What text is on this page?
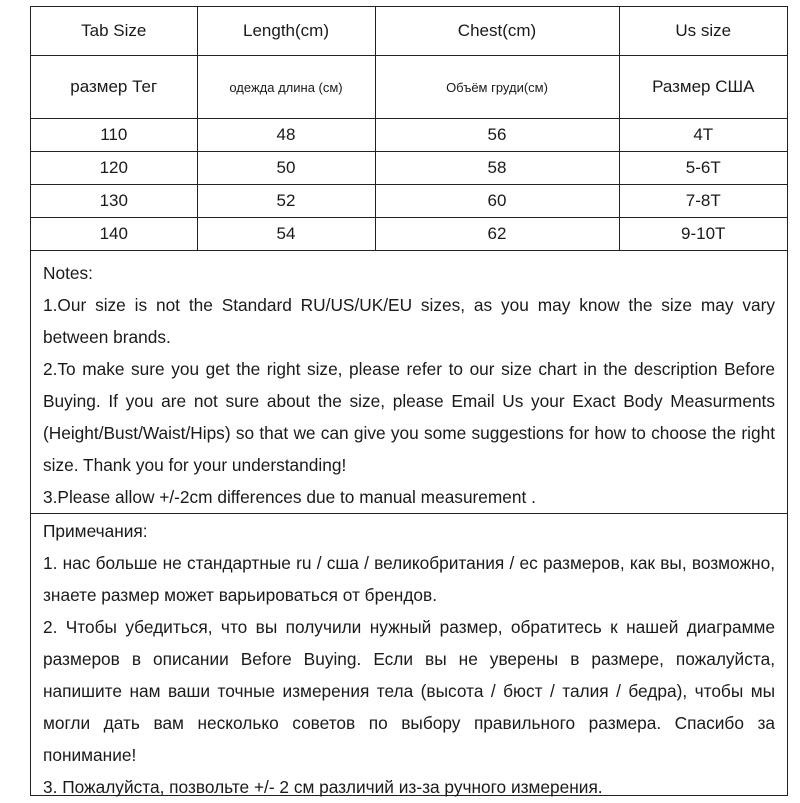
Tab Size	Length(cm)	Chest(cm)	Us size
размер Тег	одежда длина (см)	Объём груди(см)	Размер США
110	48	56	4T
120	50	58	5-6T
130	52	60	7-8T
140	54	62	9-10T

Notes:

1.Our size is not the Standard RU/US/UK/EU sizes, as you may know the size may vary between brands.

2.To make sure you get the right size, please refer to our size chart in the description Before Buying. If you are not sure about the size, please Email Us your Exact Body Measurments (Height/Bust/Waist/Hips) so that we can give you some suggestions for how to choose the right size. Thank you for your understanding!

3.Please allow +/-2cm differences due to manual measurement .

Примечания:

1. нас больше не стандартные ru / сша / великобритания / ес размеров, как вы, возможно, знаете размер может варьироваться от брендов.

2. Чтобы убедиться, что вы получили нужный размер, обратитесь к нашей диаграмме размеров в описании Before Buying. Если вы не уверены в размере, пожалуйста, напишите нам ваши точные измерения тела (высота / бюст / талия / бедра), чтобы мы могли дать вам несколько советов по выбору правильного размера. Спасибо за понимание!

3. Пожалуйста, позвольте +/- 2 см различий из-за ручного измерения.
